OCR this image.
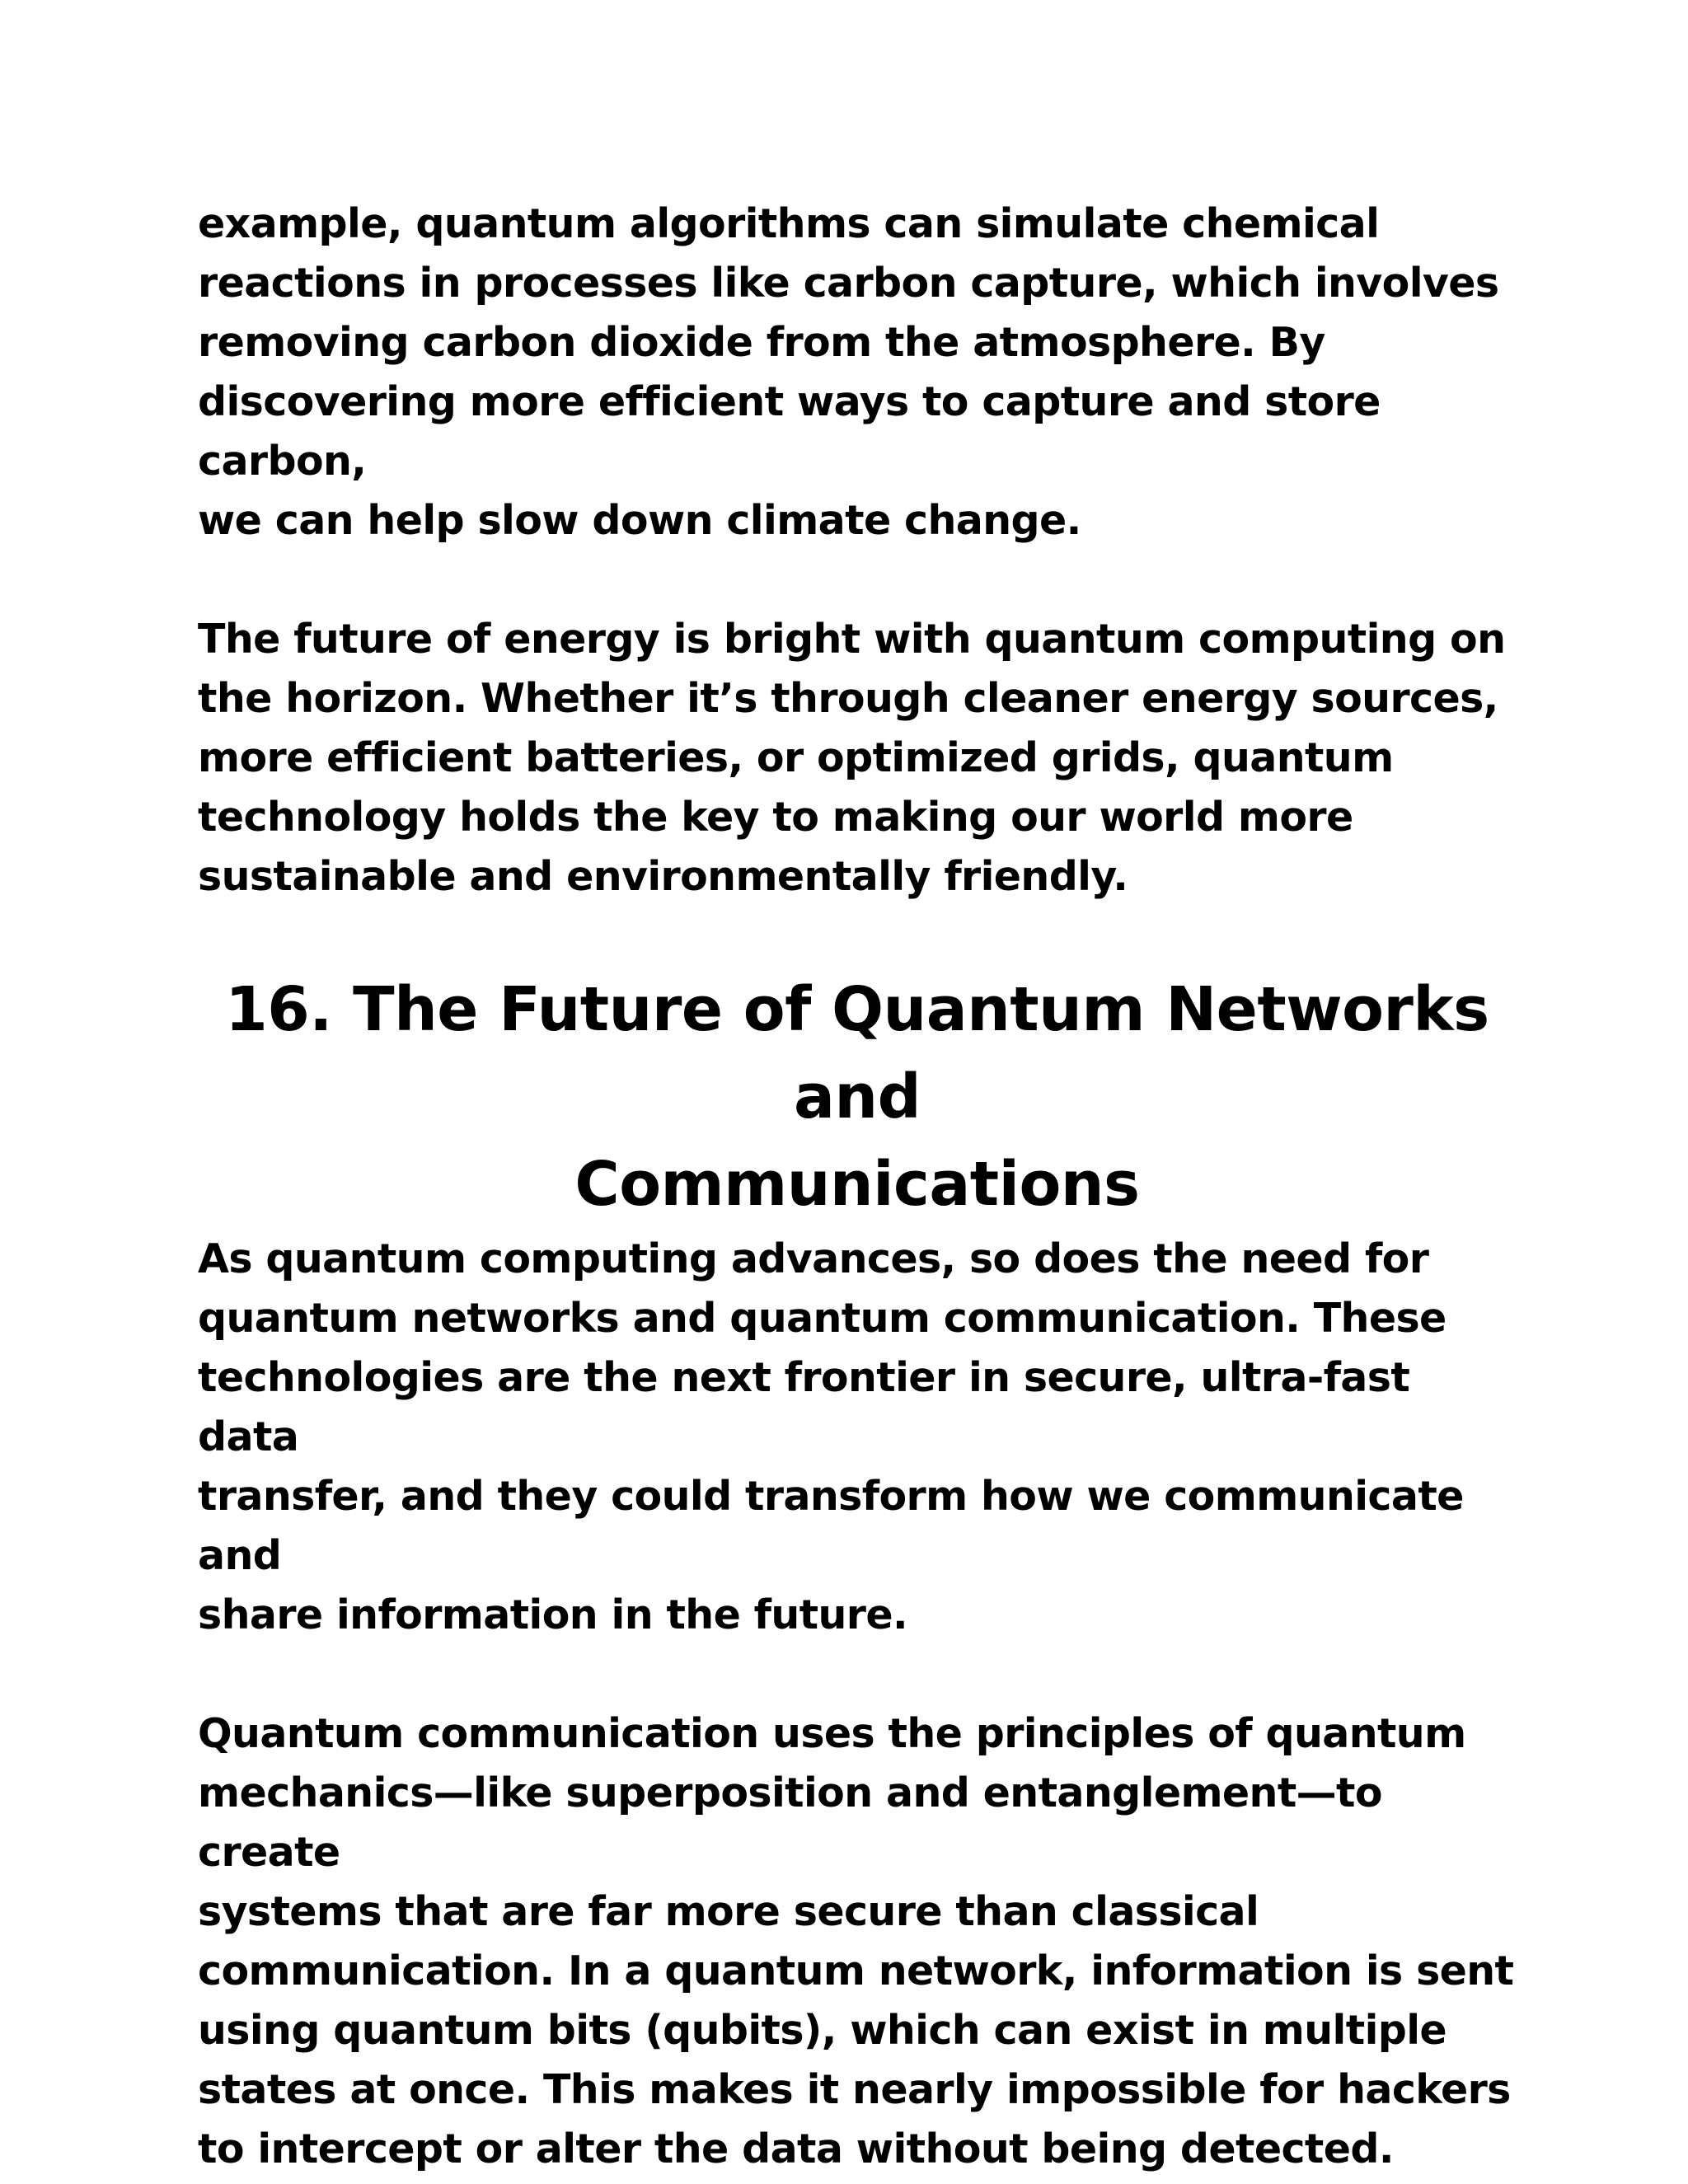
example, quantum algorithms can simulate chemical
reactions in processes like carbon capture, which involves
removing carbon dioxide from the atmosphere. By
discovering more efficient ways to capture and store carbon,
we can help slow down climate change.

The future of energy is bright with quantum computing on
the horizon. Whether it’s through cleaner energy sources,
more efficient batteries, or optimized grids, quantum
technology holds the key to making our world more
sustainable and environmentally friendly.

16. The Future of Quantum Networks and
Communications

As quantum computing advances, so does the need for
quantum networks and quantum communication. These
technologies are the next frontier in secure, ultra-fast data
transfer, and they could transform how we communicate and
share information in the future.

Quantum communication uses the principles of quantum
mechanics—like superposition and entanglement—to create
systems that are far more secure than classical
communication. In a quantum network, information is sent
using quantum bits (qubits), which can exist in multiple
states at once. This makes it nearly impossible for hackers
to intercept or alter the data without being detected.
